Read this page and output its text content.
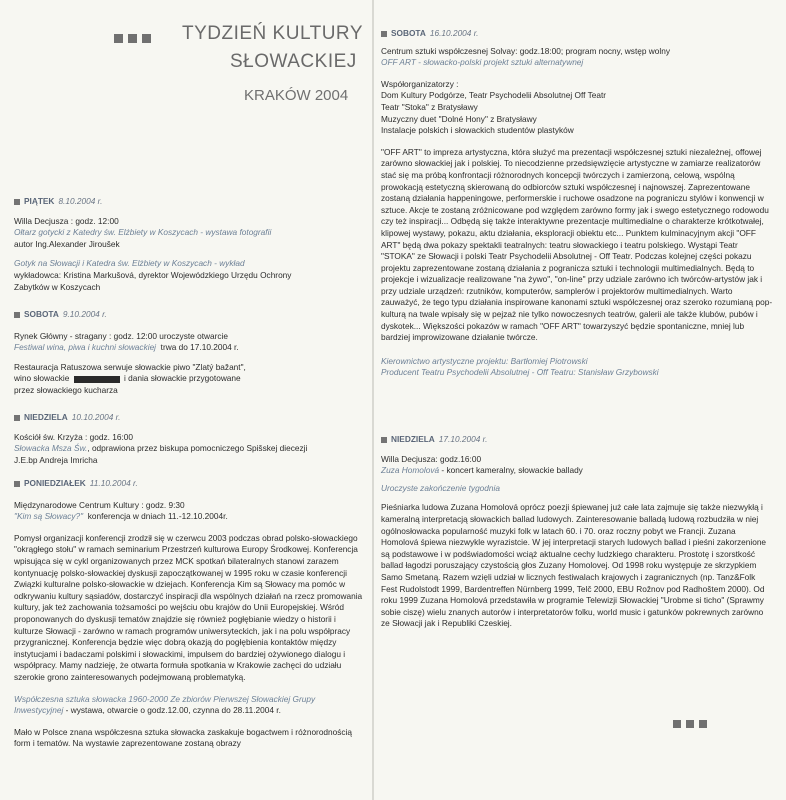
TYDZIEŃ KULTURY
SŁOWACKIEJ
KRAKÓW 2004
PIĄTEK 8.10.2004 r.
Willa Decjusza : godz. 12:00
Ołtarz gotycki z Katedry św. Elżbiety w Koszycach - wystawa fotografii
autor Ing.Alexander Jiroušek
Gotyk na Słowacji i Katedra św. Elżbiety w Koszycach - wykład
wykładowca: Kristina Markušová, dyrektor Wojewódzkiego Urzędu Ochrony
Zabytków w Koszycach
SOBOTA 9.10.2004 r.
Rynek Główny - stragany : godz. 12:00 uroczyste otwarcie
Festiwal wina, piwa i kuchni słowackiej trwa do 17.10.2004 r.
Restauracja Ratuszowa serwuje słowackie piwo "Zlatý bažant",
wino słowackie	i dania słowackie przygotowane
przez słowackiego kucharza
NIEDZIELA 10.10.2004 r.
Kościół św. Krzyża : godz. 16:00
Słowacka Msza Św., odprawiona przez biskupa pomocniczego Spišskej diecezji
J.E.bp Andreja Imricha
PONIEDZIAŁEK 11.10.2004 r.
Międzynarodowe Centrum Kultury : godz. 9:30
"Kim są Słowacy?" konferencja w dniach 11.-12.10.2004r.
Pomysł organizacji konferencji zrodził się w czerwcu 2003 podczas obrad polsko-słowackiego "okrągłego stołu" w ramach seminarium Przestrzeń kulturowa Europy Środkowej. Konferencja wpisująca się w cykl organizowanych przez MCK spotkań bilateralnych stanowi zarazem kontynuację polsko-słowackiej dyskusji zapoczątkowanej w 1995 roku w czasie konferencji Związki kulturalne polsko-słowackie w dziejach. Konferencja Kim są Słowacy ma pomóc w odkrywaniu kultury sąsiadów, dostarczyć inspiracji dla wspólnych działań na rzecz promowania kultury, jak też zachowania tożsamości po wejściu obu krajów do Unii Europejskiej. Wśród proponowanych do dyskusji tematów znajdzie się również pogłębianie wiedzy o historii i kulturze Słowacji - zarówno w ramach programów uniwersyteckich, jak i na polu współpracy przygranicznej. Konferencja będzie więc dobrą okazją do pogłębienia kontaktów między instytucjami i badaczami polskimi i słowackimi, impulsem do bardziej ożywionego dialogu i współpracy. Mamy nadzieję, że otwarta formuła spotkania w Krakowie zachęci do udziału szerokie grono zainteresowanych podejmowaną problematyką.
Współczesna sztuka słowacka 1960-2000 Ze zbiorów Pierwszej Słowackiej Grupy
Inwestycyjnej - wystawa, otwarcie o godz.12.00, czynna do 28.11.2004 r.
Mało w Polsce znana współczesna sztuka słowacka zaskakuje bogactwem i różnorodnością form i tematów. Na wystawie zaprezentowane zostaną obrazy
SOBOTA 16.10.2004 r.
Centrum sztuki współczesnej Solvay: godz.18:00; program nocny, wstęp wolny
OFF ART - słowacko-polski projekt sztuki alternatywnej
Współorganizatorzy :
Dom Kultury Podgórze, Teatr Psychodelii Absolutnej Off Teatr
Teatr "Stoka" z Bratysławy
Muzyczny duet "Dolné Hony" z Bratysławy
Instalacje polskich i słowackich studentów plastyków
"OFF ART" to impreza artystyczna, która służyć ma prezentacji współczesnej sztuki niezależnej, offowej zarówno słowackiej jak i polskiej. To niecodzienne przedsięwzięcie artystyczne w zamiarze realizatorów stać się ma próbą konfrontacji różnorodnych koncepcji twórczych i zamierzoną, celową, wspólną prowokacją estetyczną skierowaną do odbiorców sztuki współczesnej i najnowszej. Zaprezentowane zostaną działania happeningowe, performerskie i ruchowe osadzone na pograniczu stylów i konwencji w sztuce. Akcje te zostaną zróżnicowane pod względem zarówno formy jak i swego estetycznego rodowodu czy też inspiracji... Odbędą się także interaktywne prezentacje multimedialne o charakterze krótkotwałej, klipowej wystawy, pokazu, aktu działania, eksploracji obiektu etc... Punktem kulminacyjnym akcji "OFF ART" będą dwa pokazy spektakli teatralnych: teatru słowackiego i teatru polskiego. Wystąpi Teatr "STOKA" ze Słowacji i polski Teatr Psychodelii Absolutnej - Off Teatr. Podczas kolejnej części pokazu projektu zaprezentowane zostaną działania z pogranicza sztuki i technologii multimedialnych. Będą to projekcje i wizualizacje realizowane "na żywo", "on-line" przy udziale zarówno ich twórców-artystów jak i przy udziale urządzeń: rzutników, komputerów, samplerów i projektorów multimedialnych. Warto zauważyć, że tego typu działania inspirowane kanonami sztuki współczesnej oraz szeroko rozumianą pop-kulturą na twale wpisały się w pejzaż nie tylko nowoczesnych teatrów, galerii ale także klubów, pubów i dyskotek... Większości pokazów w ramach "OFF ART" towarzyszyć będzie spontaniczne, mniej lub bardziej improwizowane działanie twórcze.
Kierownictwo artystyczne projektu: Bartłomiej Piotrowski
Producent Teatru Psychodelii Absolutnej - Off Teatru: Stanisław Grzybowski
NIEDZIELA 17.10.2004 r.
Willa Decjusza: godz.16:00
Zuza Homolová - koncert kameralny, słowackie ballady
Uroczyste zakończenie tygodnia
Pieśniarka ludowa Zuzana Homolová oprócz poezji śpiewanej już całe lata zajmuje się także niezwykłą i kameralną interpretacją słowackich ballad ludowych. Zainteresowanie balladą ludową rozbudziła w niej ogólnosłowacka popularność muzyki folk w latach 60. i 70. oraz roczny pobyt we Francji. Zuzana Homolová śpiewa niezwykle wyrazistcie. W jej interpretacji starych ludowych ballad i pieśni zakorzenione są podstawowe i w podświadomości wciąż aktualne cechy ludzkiego charakteru. Prostotę i szorstkość ballad łagodzi poruszający czystością głos Zuzany Homolovej. Od 1998 roku występuje ze skrzypkiem Samo Smetaną. Razem wzięli udział w licznych festiwalach krajowych i zagranicznych (np. Tanz&Folk Fest Rudolstodt 1999, Bardentreffen Nürnberg 1999, Telč 2000, EBU Rožnov pod Radhoštem 2000). Od roku 1999 Zuzana Homolová przedstawiła w programie Telewizji Słowackiej "Urobme si ticho" (Sprawmy sobie ciszę) wielu znanych autorów i interpretatorów folku, world music i gatunków pokrewnych zarówno ze Słowacji jak i Republiki Czeskiej.
